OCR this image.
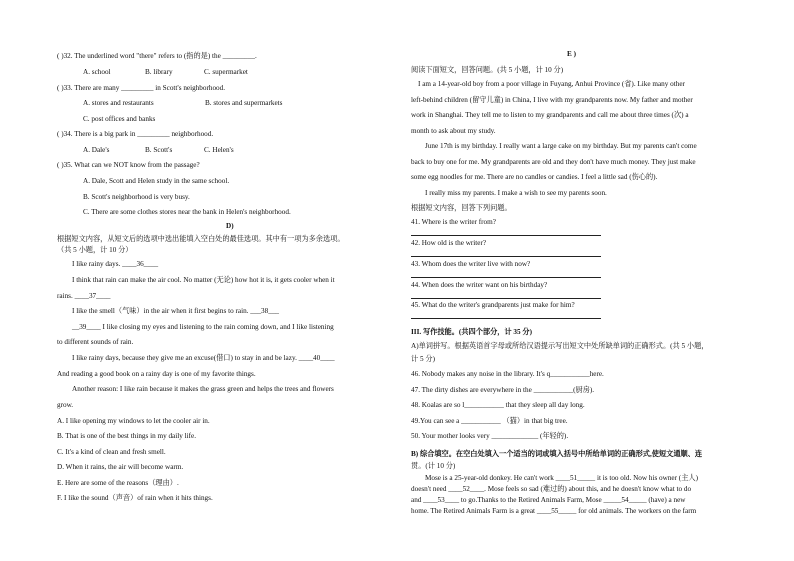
( )32. The underlined word "there" refers to (指的是) the _________.
A. school	B. library	C. supermarket
( )33. There are many _________ in Scott's neighborhood.
A. stores and restaurants	B. stores and supermarkets
C. post offices and banks
( )34. There is a big park in _________ neighborhood.
A. Dale's	B. Scott's	C. Helen's
( )35. What can we NOT know from the passage?
A. Dale, Scott and Helen study in the same school.
B. Scott's neighborhood is very busy.
C. There are some clothes stores near the bank in Helen's neighborhood.
D)
根据短文内容，从短文后的选项中选出能填入空白处的最佳选项。其中有一项为多余选项。
（共 5 小题，计 10 分）
I like rainy days. ____36____
I think that rain can make the air cool. No matter (无论) how hot it is, it gets cooler when it
rains. ____37____
I like the smell（气味）in the air when it first begins to rain. ___38___
__39____ I like closing my eyes and listening to the rain coming down, and I like listening
to different sounds of rain.
I like rainy days, because they give me an excuse(借口) to stay in and be lazy. ____40____
And reading a good book on a rainy day is one of my favorite things.
Another reason: I like rain because it makes the grass green and helps the trees and flowers
grow.
A. I like opening my windows to let the cooler air in.
B. That is one of the best things in my daily life.
C. It's a kind of clean and fresh smell.
D. When it rains, the air will become warm.
E. Here are some of the reasons（理由）.
F. I like the sound（声音）of rain when it hits things.
E )
阅读下面短文，回答问题。(共 5 小题，计 10 分)
I am a 14-year-old boy from a poor village in Fuyang, Anhui Province (省). Like many other
left-behind children (留守儿童) in China, I live with my grandparents now. My father and mother
work in Shanghai. They tell me to listen to my grandparents and call me about three times (次) a
month to ask about my study.
June 17th is my birthday. I really want a large cake on my birthday. But my parents can't come
back to buy one for me. My grandparents are old and they don't have much money. They just make
some egg noodles for me. There are no candles or candies. I feel a little sad (伤心的).
I really miss my parents. I make a wish to see my parents soon.
根据短文内容，回答下列问题。
41. Where is the writer from?
42. How old is the writer?
43. Whom does the writer live with now?
44. When does the writer want on his birthday?
45. What do the writer's grandparents just make for him?
III. 写作技能。(共四个部分，计 35 分)
A)单词拼写。根据英语首字母或所给汉语提示写出短文中处所缺单词的正确形式。(共 5 小题，
计 5 分)
46. Nobody makes any noise in the library. It's q___________here.
47. The dirty dishes are everywhere in the ___________(厨房).
48. Koalas are so l___________ that they sleep all day long.
49.You can see a ___________ （猫）in that big tree.
50. Your mother looks very _____________ (年轻的).
B) 综合填空。在空白处填入一个适当的词或填入括号中所给单词的正确形式,使短文通顺、连
贯。(计 10 分)
Mose is a 25-year-old donkey. He can't work ____51_____ it is too old. Now his owner (主人)
doesn't need ____52____. Mose feels so sad (难过的) about this, and he doesn't know what to do
and ____53____ to go.Thanks to the Retired Animals Farm, Mose _____54_____ (have) a new
home. The Retired Animals Farm is a great ____55_____ for old animals. The workers on the farm
